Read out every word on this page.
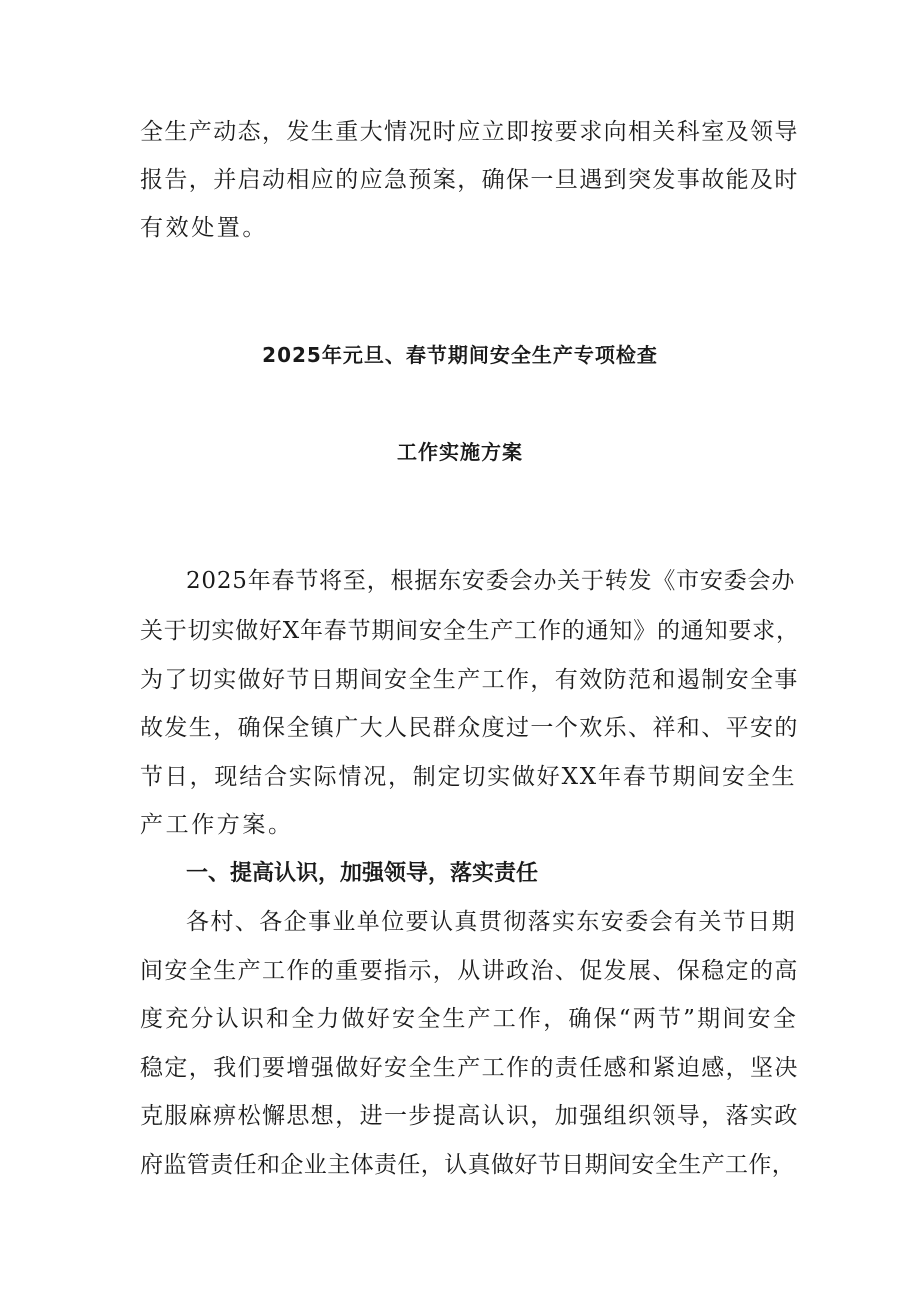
全生产动态，发生重大情况时应立即按要求向相关科室及领导
报告，并启动相应的应急预案，确保一旦遇到突发事故能及时
有效处置。
2025年元旦、春节期间安全生产专项检查
工作实施方案
2025年春节将至，根据东安委会办关于转发《市安委会办
关于切实做好X年春节期间安全生产工作的通知》的通知要求，
为了切实做好节日期间安全生产工作，有效防范和遏制安全事
故发生，确保全镇广大人民群众度过一个欢乐、祥和、平安的
节日，现结合实际情况，制定切实做好XX年春节期间安全生
产工作方案。
一、提高认识，加强领导，落实责任
各村、各企事业单位要认真贯彻落实东安委会有关节日期
间安全生产工作的重要指示，从讲政治、促发展、保稳定的高
度充分认识和全力做好安全生产工作，确保“两节”期间安全
稳定，我们要增强做好安全生产工作的责任感和紧迫感，坚决
克服麻痹松懈思想，进一步提高认识，加强组织领导，落实政
府监管责任和企业主体责任，认真做好节日期间安全生产工作，
